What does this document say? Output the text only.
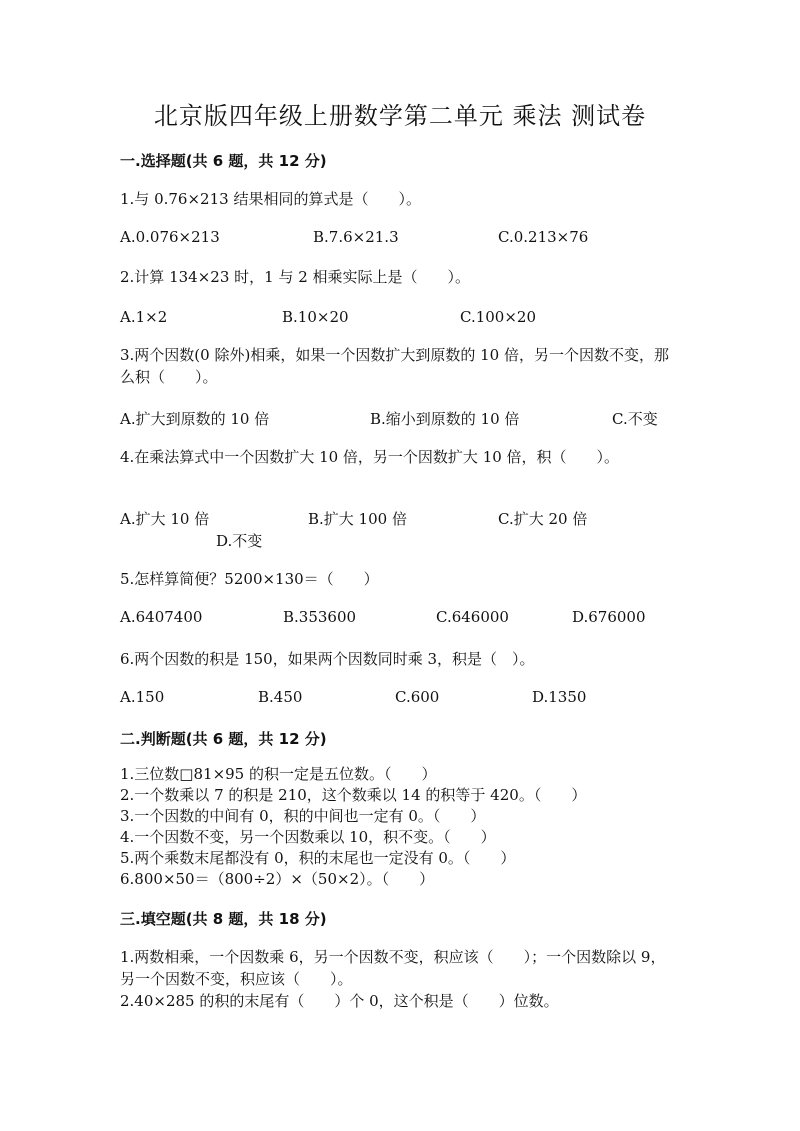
北京版四年级上册数学第二单元 乘法 测试卷
一.选择题(共 6 题，共 12 分)
1.与 0.76×213 结果相同的算式是（　　）。
A.0.076×213	B.7.6×21.3	C.0.213×76
2.计算 134×23 时，1 与 2 相乘实际上是（　　）。
A.1×2	B.10×20	C.100×20
3.两个因数(0 除外)相乘，如果一个因数扩大到原数的 10 倍，另一个因数不变，那么积（　　）。
A.扩大到原数的 10 倍	B.缩小到原数的 10 倍	C.不变
4.在乘法算式中一个因数扩大 10 倍，另一个因数扩大 10 倍，积（　　）。
A.扩大 10 倍	B.扩大 100 倍	C.扩大 20 倍
D.不变
5.怎样算简便？5200×130＝（　　）
A.6407400	B.353600	C.646000	D.676000
6.两个因数的积是 150，如果两个因数同时乘 3，积是（　）。
A.150	B.450	C.600	D.1350
二.判断题(共 6 题，共 12 分)
1.三位数□81×95 的积一定是五位数。（　　）
2.一个数乘以 7 的积是 210，这个数乘以 14 的积等于 420。（　　）
3.一个因数的中间有 0，积的中间也一定有 0。（　　）
4.一个因数不变，另一个因数乘以 10，积不变。（　　）
5.两个乘数末尾都没有 0，积的末尾也一定没有 0。（　　）
6.800×50＝（800÷2）×（50×2）。（　　）
三.填空题(共 8 题，共 18 分)
1.两数相乘，一个因数乘 6，另一个因数不变，积应该（　　）；一个因数除以 9，另一个因数不变，积应该（　　）。
2.40×285 的积的末尾有（　　）个 0，这个积是（　　）位数。
